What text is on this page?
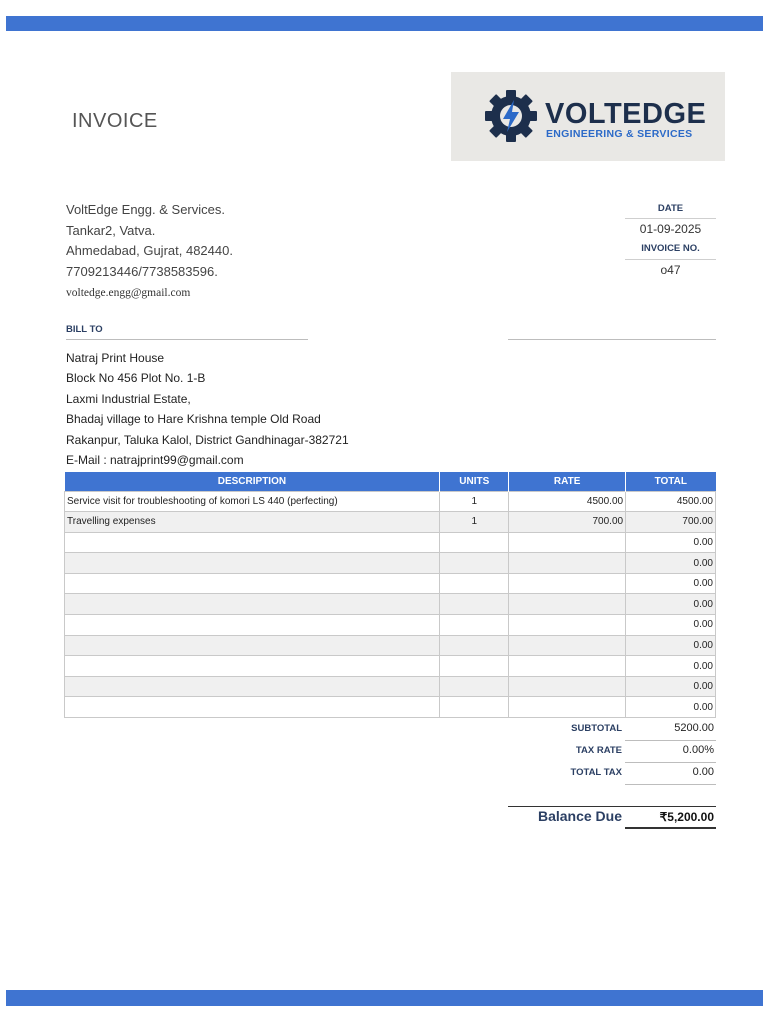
INVOICE	VOLTEDGE
ENGINEERING & SERVICES
VoltEdge Engg. & Services.
Tankar2, Vatva.
Ahmedabad, Gujrat, 482440.
7709213446/7738583596.
voltedge.engg@gmail.com
DATE
01-09-2025
INVOICE NO.
o47
BILL TO
Natraj Print House
Block No 456 Plot No. 1-B
Laxmi Industrial Estate,
Bhadaj village to Hare Krishna temple Old Road
Rakanpur, Taluka Kalol, District Gandhinagar-382721
E-Mail : natrajprint99@gmail.com
DESCRIPTION	UNITS	RATE	TOTAL
Service visit for troubleshooting of komori LS 440 (perfecting)	1	4500.00	4500.00
Travelling expenses	1	700.00	700.00
			0.00
			0.00
			0.00
			0.00
			0.00
			0.00
			0.00
			0.00
			0.00
SUBTOTAL	5200.00
TAX RATE	0.00%
TOTAL TAX	0.00
Balance Due	₹5,200.00
